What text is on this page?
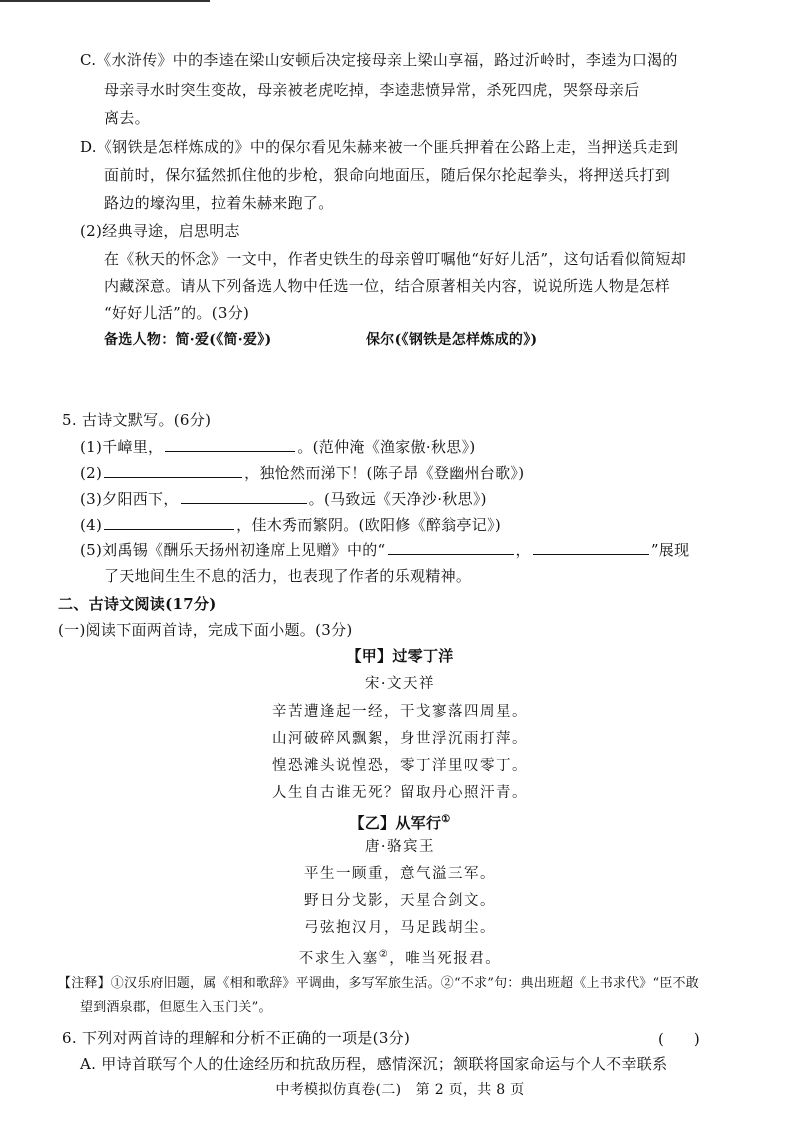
C.《水浒传》中的李逵在梁山安顿后决定接母亲上梁山享福，路过沂岭时，李逵为口渴的
母亲寻水时突生变故，母亲被老虎吃掉，李逵悲愤异常，杀死四虎，哭祭母亲后
离去。
D.《钢铁是怎样炼成的》中的保尔看见朱赫来被一个匪兵押着在公路上走，当押送兵走到
面前时，保尔猛然抓住他的步枪，狠命向地面压，随后保尔抡起拳头，将押送兵打到
路边的壕沟里，拉着朱赫来跑了。
(2)经典寻途，启思明志
在《秋天的怀念》一文中，作者史铁生的母亲曾叮嘱他“好好儿活”，这句话看似简短却
内藏深意。请从下列备选人物中任选一位，结合原著相关内容，说说所选人物是怎样
“好好儿活”的。(3分)
备选人物：简·爱(《简·爱》)	保尔(《钢铁是怎样炼成的》)
5. 古诗文默写。(6分)
(1)千嶂里，	。(范仲淹《渔家傲·秋思》)
(2)	，独怆然而涕下！(陈子昂《登幽州台歌》)
(3)夕阳西下，	。(马致远《天净沙·秋思》)
(4)	，佳木秀而繁阴。(欧阳修《醉翁亭记》)
(5)刘禹锡《酬乐天扬州初逢席上见赠》中的“	，	”展现
了天地间生生不息的活力，也表现了作者的乐观精神。
二、古诗文阅读(17分)
(一)阅读下面两首诗，完成下面小题。(3分)
【甲】过零丁洋
宋·文天祥
辛苦遭逢起一经，干戈寥落四周星。
山河破碎风飘絮，身世浮沉雨打萍。
惶恐滩头说惶恐，零丁洋里叹零丁。
人生自古谁无死？留取丹心照汗青。
【乙】从军行①
唐·骆宾王
平生一顾重，意气溢三军。
野日分戈影，天星合剑文。
弓弦抱汉月，马足践胡尘。
不求生入塞②，唯当死报君。
【注释】①汉乐府旧题，属《相和歌辞》平调曲，多写军旅生活。②“不求”句：典出班超《上书求代》“臣不敢
望到酒泉郡，但愿生入玉门关”。
6. 下列对两首诗的理解和分析不正确的一项是(3分)	(　　)
A. 甲诗首联写个人的仕途经历和抗敌历程，感情深沉；颔联将国家命运与个人不幸联系
中考模拟仿真卷(二)　第 2 页，共 8 页
